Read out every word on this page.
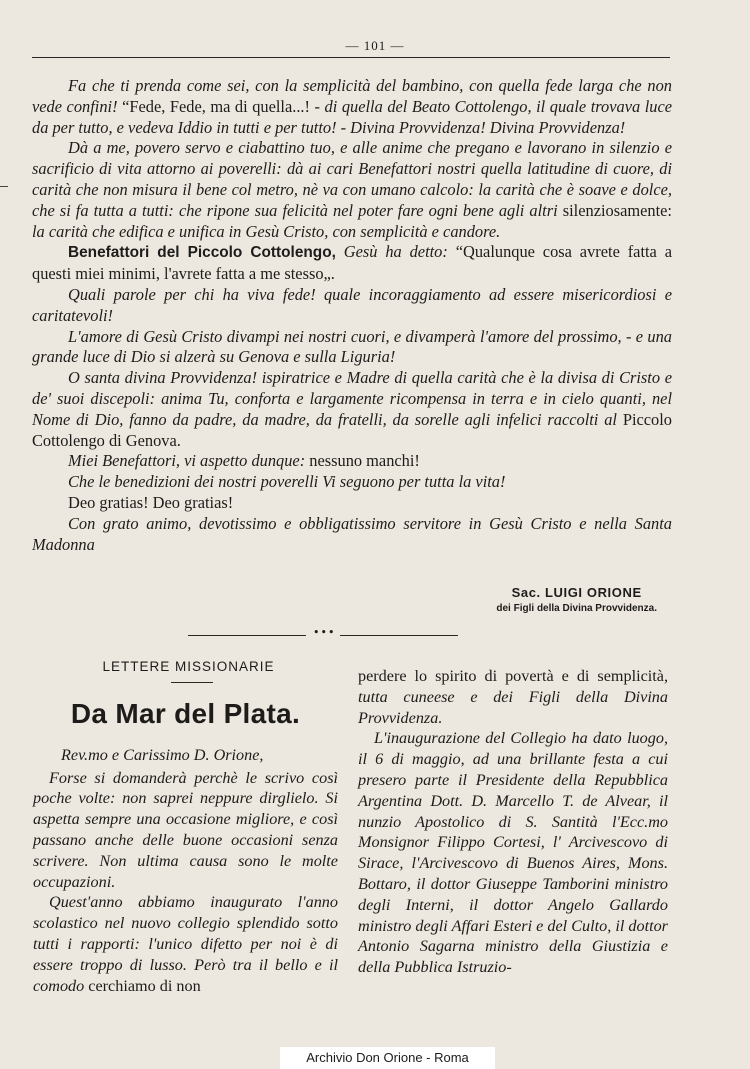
— 101 —

Fa che ti prenda come sei, con la semplicità del bambino, con quella fede larga che non vede confini! “Fede, Fede, ma di quella...! - di quella del Beato Cottolengo, il quale trovava luce da per tutto, e vedeva Iddio in tutti e per tutto! - Divina Provvidenza! Divina Provvidenza!

Dà a me, povero servo e ciabattino tuo, e alle anime che pregano e lavorano in silenzio e sacrificio di vita attorno ai poverelli: dà ai cari Benefattori nostri quella latitudine di cuore, di carità che non misura il bene col metro, nè va con umano calcolo: la carità che è soave e dolce, che si fa tutta a tutti: che ripone sua felicità nel poter fare ogni bene agli altri silenziosamente: la carità che edifica e unifica in Gesù Cristo, con semplicità e candore.

Benefattori del Piccolo Cottolengo, Gesù ha detto: “Qualunque cosa avrete fatta a questi miei minimi, l'avrete fatta a me stesso„.

Quali parole per chi ha viva fede! quale incoraggiamento ad essere misericordiosi e caritatevoli!

L'amore di Gesù Cristo divampi nei nostri cuori, e divamperà l'amore del prossimo, - e una grande luce di Dio si alzerà su Genova e sulla Liguria!

O santa divina Provvidenza! ispiratrice e Madre di quella carità che è la divisa di Cristo e de' suoi discepoli: anima Tu, conforta e largamente ricompensa in terra e in cielo quanti, nel Nome di Dio, fanno da padre, da madre, da fratelli, da sorelle agli infelici raccolti al Piccolo Cottolengo di Genova.

Miei Benefattori, vi aspetto dunque: nessuno manchi!

Che le benedizioni dei nostri poverelli Vi seguono per tutta la vita!

Deo gratias! Deo gratias!

Con grato animo, devotissimo e obbligatissimo servitore in Gesù Cristo e nella Santa Madonna

Sac. LUIGI ORIONE
dei Figli della Divina Provvidenza.
•••
LETTERE MISSIONARIE
Da Mar del Plata.

Rev.mo e Carissimo D. Orione,

Forse si domanderà perchè le scrivo così poche volte: non saprei neppure dirglielo. Si aspetta sempre una occasione migliore, e così passano anche delle buone occasioni senza scrivere. Non ultima causa sono le molte occupazioni.

Quest'anno abbiamo inaugurato l'anno scolastico nel nuovo collegio splendido sotto tutti i rapporti: l'unico difetto per noi è di essere troppo di lusso. Però tra il bello e il comodo cerchiamo di non

perdere lo spirito di povertà e di semplicità, tutta cuneese e dei Figli della Divina Provvidenza.

L'inaugurazione del Collegio ha dato luogo, il 6 di maggio, ad una brillante festa a cui presero parte il Presidente della Repubblica Argentina Dott. D. Marcello T. de Alvear, il nunzio Apostolico di S. Santità l'Ecc.mo Monsignor Filippo Cortesi, l' Arcivescovo di Sirace, l'Arcivescovo di Buenos Aires, Mons. Bottaro, il dottor Giuseppe Tamborini ministro degli Interni, il dottor Angelo Gallardo ministro degli Affari Esteri e del Culto, il dottor Antonio Sagarna ministro della Giustizia e della Pubblica Istruzio-

Archivio Don Orione - Roma
